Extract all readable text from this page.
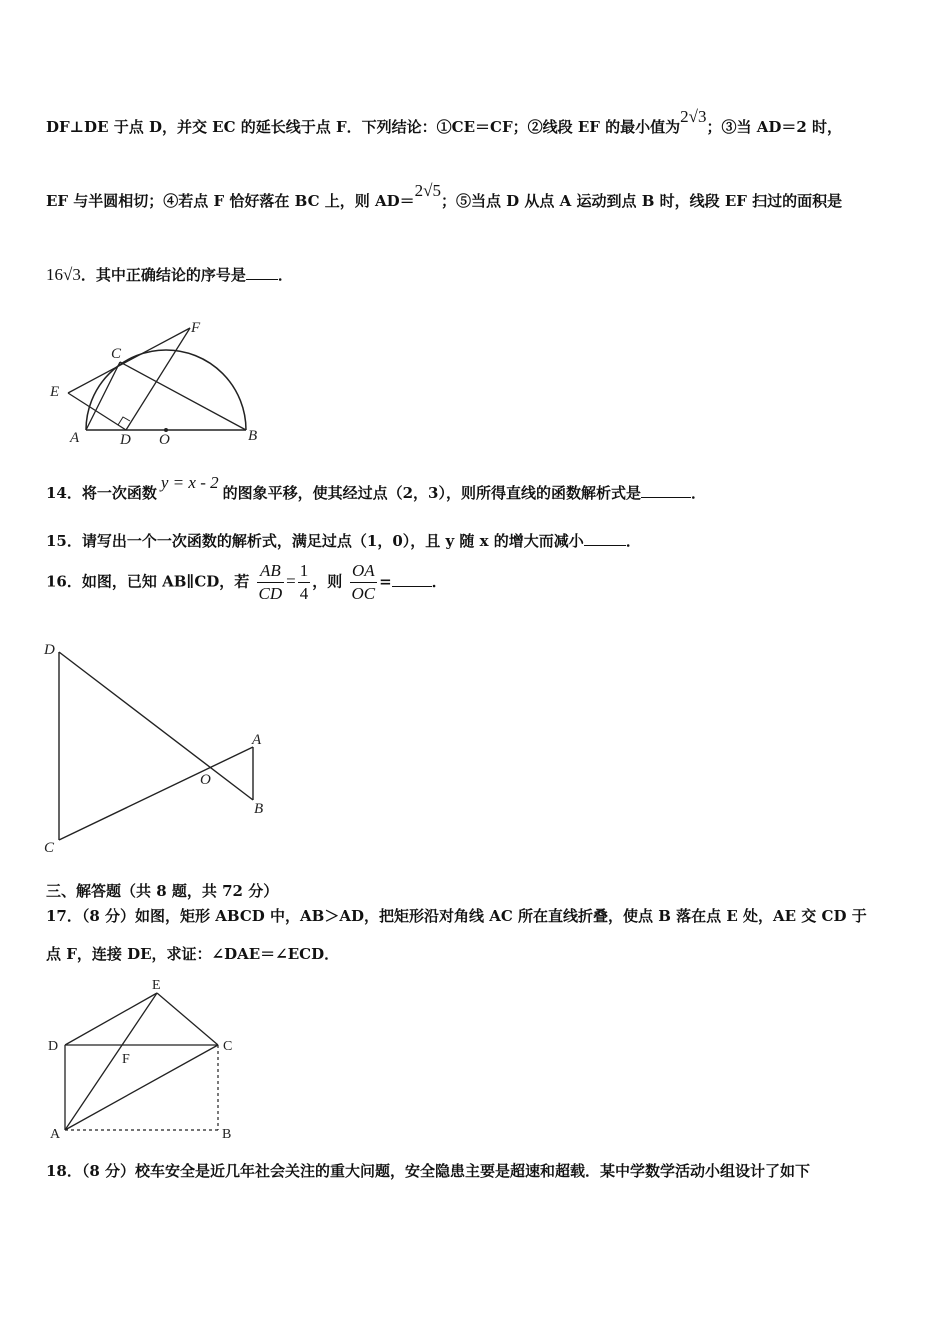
DF⊥DE 于点 D，并交 EC 的延长线于点 F．下列结论：①CE＝CF；②线段 EF 的最小值为2√3；③当 AD＝2 时，
EF 与半圆相切；④若点 F 恰好落在 BC 上，则 AD＝2√5；⑤当点 D 从点 A 运动到点 B 时，线段 EF 扫过的面积是
16√3．其中正确结论的序号是 ．
E
C
F
A	D O	B
14．将一次函数y = x - 2的图象平移，使其经过点（2，3），则所得直线的函数解析式是	．
15．请写出一个一次函数的解析式，满足过点（1，0），且 y 随 x 的增大而减小	．
16．如图，已知 AB∥CD，若 $\frac{AB}{CD} = \frac{1}{4}$ ，则 $\frac{OA}{OC}$ =	．
D
A
O
B
C
三、解答题（共 8 题，共 72 分）
17．（8 分）如图，矩形 ABCD 中，AB＞AD，把矩形沿对角线 AC 所在直线折叠，使点 B 落在点 E 处，AE 交 CD 于
点 F，连接 DE，求证：∠DAE＝∠ECD．
E
D
F
C
A	B
18．（8 分）校车安全是近几年社会关注的重大问题，安全隐患主要是超速和超载．某中学数学活动小组设计了如下
